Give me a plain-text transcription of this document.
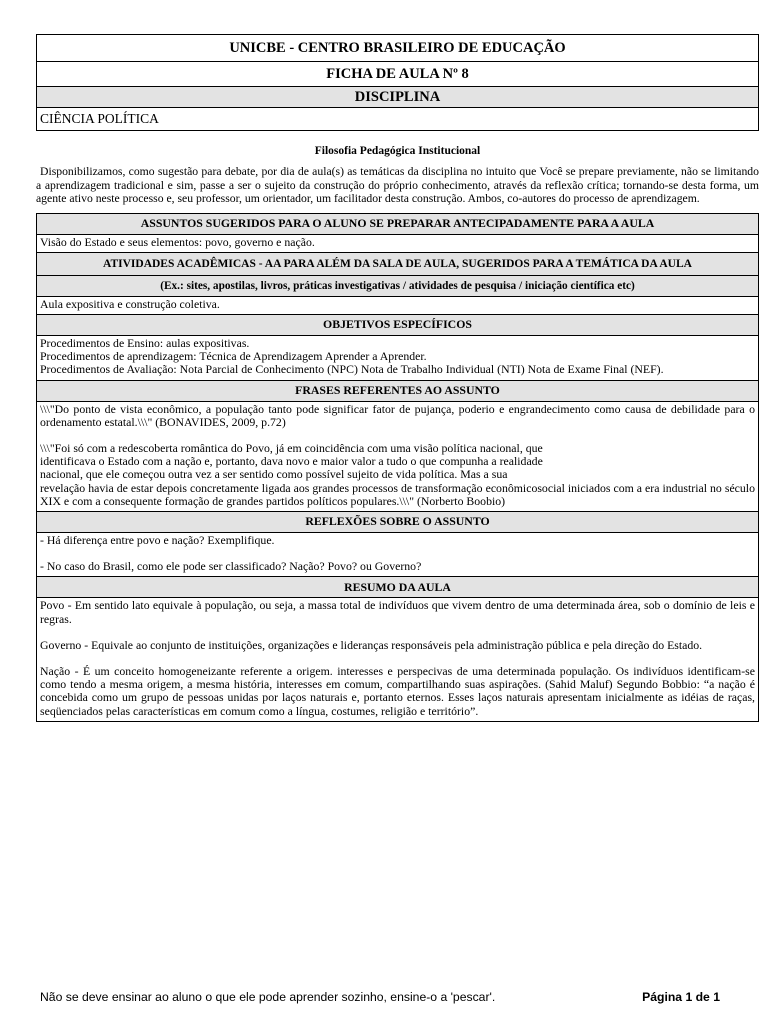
UNICBE - CENTRO BRASILEIRO DE EDUCAÇÃO
FICHA DE AULA Nº 8
DISCIPLINA
CIÊNCIA POLÍTICA
Filosofia Pedagógica Institucional

Disponibilizamos, como sugestão para debate, por dia de aula(s) as temáticas da disciplina no intuito que Você se prepare previamente, não se limitando a aprendizagem tradicional e sim, passe a ser o sujeito da construção do próprio conhecimento, através da reflexão crítica; tornando-se desta forma, um agente ativo neste processo e, seu professor, um orientador, um facilitador desta construção. Ambos, co-autores do processo de aprendizagem.

ASSUNTOS SUGERIDOS PARA O ALUNO SE PREPARAR ANTECIPADAMENTE PARA A AULA
Visão do Estado e seus elementos: povo, governo e nação.
ATIVIDADES ACADÊMICAS - AA PARA ALÉM DA SALA DE AULA, SUGERIDOS PARA A TEMÁTICA DA AULA
(Ex.: sites, apostilas, livros, práticas investigativas / atividades de pesquisa / iniciação científica etc)
Aula expositiva e construção coletiva.
OBJETIVOS ESPECÍFICOS

Procedimentos de Ensino: aulas expositivas.

Procedimentos de aprendizagem: Técnica de Aprendizagem Aprender a Aprender.

Procedimentos de Avaliação: Nota Parcial de Conhecimento (NPC) Nota de Trabalho Individual (NTI) Nota de Exame Final (NEF).

FRASES REFERENTES AO ASSUNTO

\\\"Do ponto de vista econômico, a população tanto pode significar fator de pujança, poderio e engrandecimento como causa de debilidade para o ordenamento estatal.\\\" (BONAVIDES, 2009, p.72)

\\\"Foi só com a redescoberta romântica do Povo, já em coincidência com uma visão política nacional, que

identificava o Estado com a nação e, portanto, dava novo e maior valor a tudo o que compunha a realidade

nacional, que ele começou outra vez a ser sentido como possível sujeito de vida política. Mas a sua

revelação havia de estar depois concretamente ligada aos grandes processos de transformação econômicosocial iniciados com a era industrial no século XIX e com a consequente formação de grandes partidos políticos populares.\\\" (Norberto Boobio)

REFLEXÕES SOBRE O ASSUNTO

- Há diferença entre povo e nação? Exemplifique.

- No caso do Brasil, como ele pode ser classificado? Nação? Povo? ou Governo?

RESUMO DA AULA

Povo - Em sentido lato equivale à população, ou seja, a massa total de indivíduos que vivem dentro de uma determinada área, sob o domínio de leis e regras.

Governo - Equivale ao conjunto de instituições, organizações e lideranças responsáveis pela administração pública e pela direção do Estado.

Nação - É um conceito homogeneizante referente a origem. interesses e perspecivas de uma determinada população. Os indivíduos identificam-se como tendo a mesma origem, a mesma história, interesses em comum, compartilhando suas aspirações. (Sahid Maluf) Segundo Bobbio: “a nação é concebida como um grupo de pessoas unidas por laços naturais e, portanto eternos. Esses laços naturais apresentam inicialmente as idéias de raças, seqüenciados pelas características em comum como a língua, costumes, religião e território”.

Não se deve ensinar ao aluno o que ele pode aprender sozinho, ensine-o a 'pescar'.	Página 1 de 1
